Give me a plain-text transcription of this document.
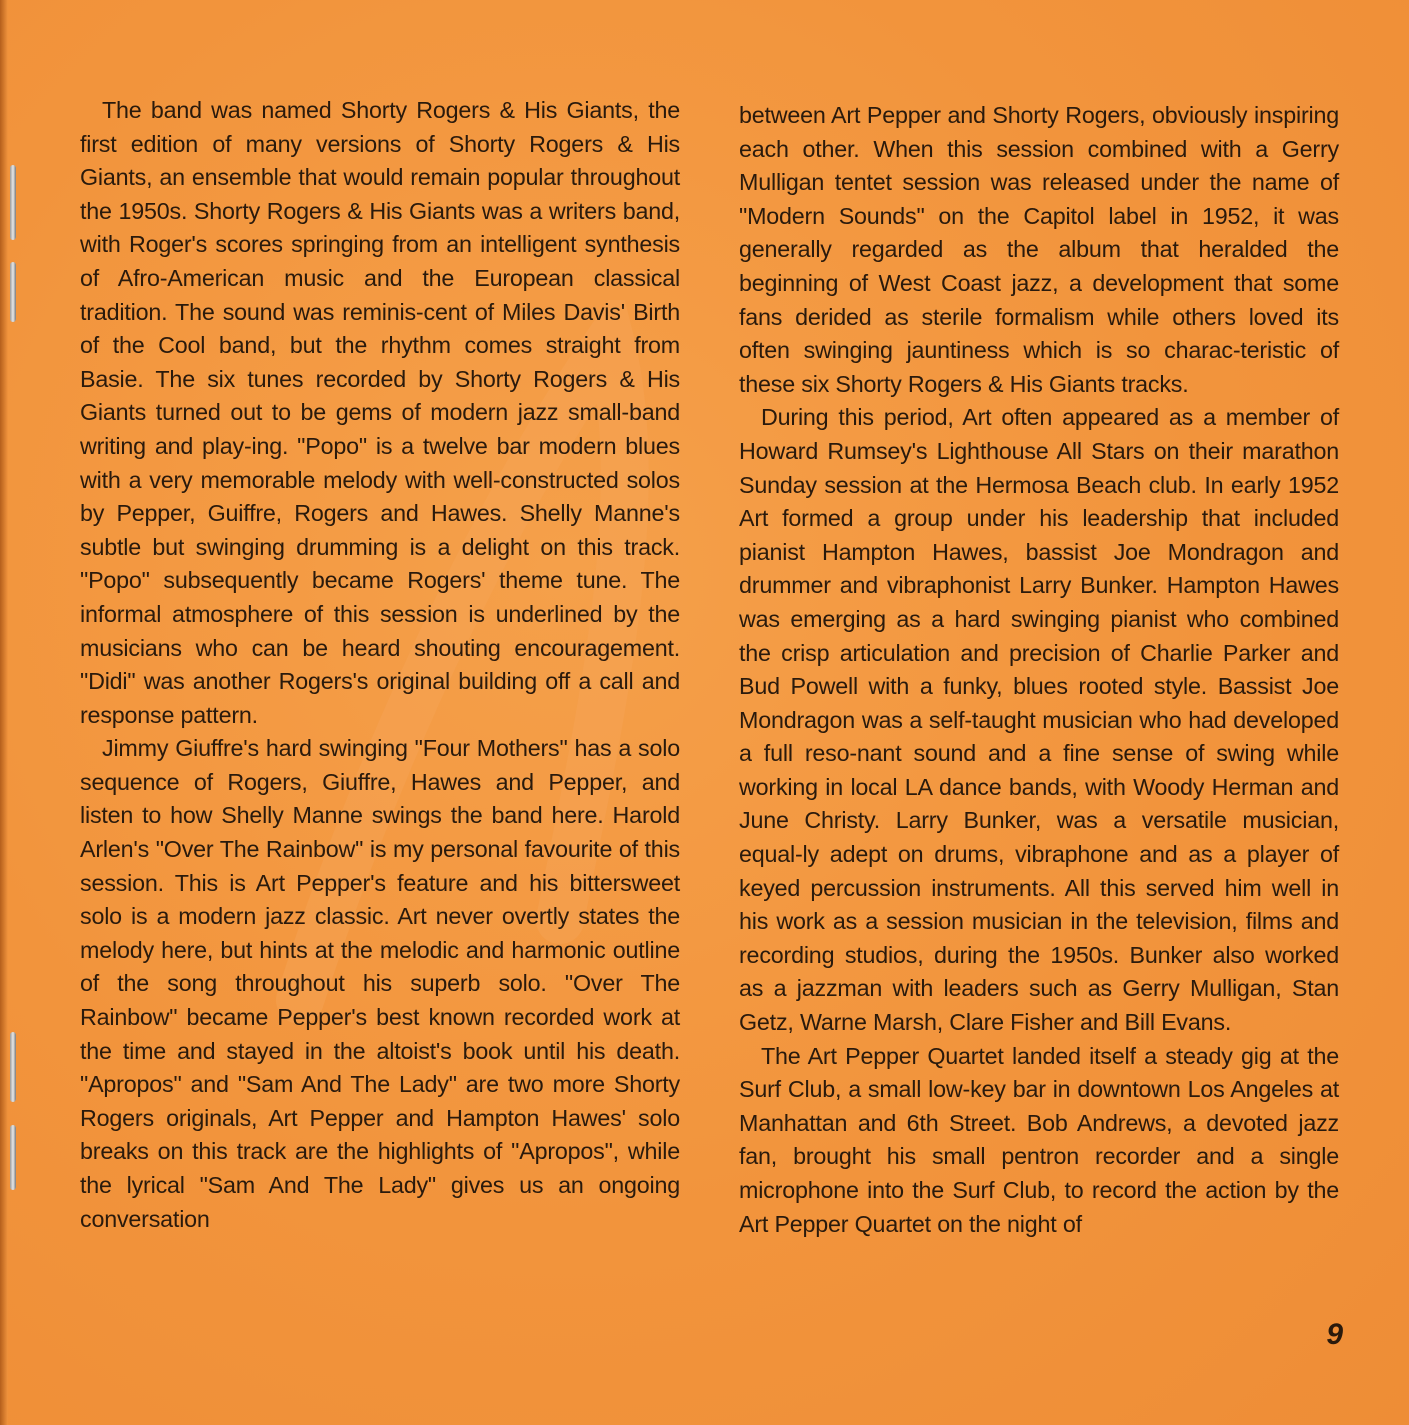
The band was named Shorty Rogers & His Giants, the first edition of many versions of Shorty Rogers & His Giants, an ensemble that would remain popular throughout the 1950s. Shorty Rogers & His Giants was a writers band, with Roger's scores springing from an intelligent synthesis of Afro-American music and the European classical tradition. The sound was reminis-cent of Miles Davis' Birth of the Cool band, but the rhythm comes straight from Basie. The six tunes recorded by Shorty Rogers & His Giants turned out to be gems of modern jazz small-band writing and play-ing. "Popo" is a twelve bar modern blues with a very memorable melody with well-constructed solos by Pepper, Guiffre, Rogers and Hawes. Shelly Manne's subtle but swinging drumming is a delight on this track. "Popo" subsequently became Rogers' theme tune. The informal atmosphere of this session is underlined by the musicians who can be heard shouting encouragement. "Didi" was another Rogers's original building off a call and response pattern.

Jimmy Giuffre's hard swinging "Four Mothers" has a solo sequence of Rogers, Giuffre, Hawes and Pepper, and listen to how Shelly Manne swings the band here. Harold Arlen's "Over The Rainbow" is my personal favourite of this session. This is Art Pepper's feature and his bittersweet solo is a modern jazz classic. Art never overtly states the melody here, but hints at the melodic and harmonic outline of the song throughout his superb solo. "Over The Rainbow" became Pepper's best known recorded work at the time and stayed in the altoist's book until his death. "Apropos" and "Sam And The Lady" are two more Shorty Rogers originals, Art Pepper and Hampton Hawes' solo breaks on this track are the highlights of "Apropos", while the lyrical "Sam And The Lady" gives us an ongoing conversation

between Art Pepper and Shorty Rogers, obviously inspiring each other. When this session combined with a Gerry Mulligan tentet session was released under the name of "Modern Sounds" on the Capitol label in 1952, it was generally regarded as the album that heralded the beginning of West Coast jazz, a development that some fans derided as sterile formalism while others loved its often swinging jauntiness which is so charac-teristic of these six Shorty Rogers & His Giants tracks.

During this period, Art often appeared as a member of Howard Rumsey's Lighthouse All Stars on their marathon Sunday session at the Hermosa Beach club. In early 1952 Art formed a group under his leadership that included pianist Hampton Hawes, bassist Joe Mondragon and drummer and vibraphonist Larry Bunker. Hampton Hawes was emerging as a hard swinging pianist who combined the crisp articulation and precision of Charlie Parker and Bud Powell with a funky, blues rooted style. Bassist Joe Mondragon was a self-taught musician who had developed a full reso-nant sound and a fine sense of swing while working in local LA dance bands, with Woody Herman and June Christy. Larry Bunker, was a versatile musician, equal-ly adept on drums, vibraphone and as a player of keyed percussion instruments. All this served him well in his work as a session musician in the television, films and recording studios, during the 1950s. Bunker also worked as a jazzman with leaders such as Gerry Mulligan, Stan Getz, Warne Marsh, Clare Fisher and Bill Evans.

The Art Pepper Quartet landed itself a steady gig at the Surf Club, a small low-key bar in downtown Los Angeles at Manhattan and 6th Street. Bob Andrews, a devoted jazz fan, brought his small pentron recorder and a single microphone into the Surf Club, to record the action by the Art Pepper Quartet on the night of

9
